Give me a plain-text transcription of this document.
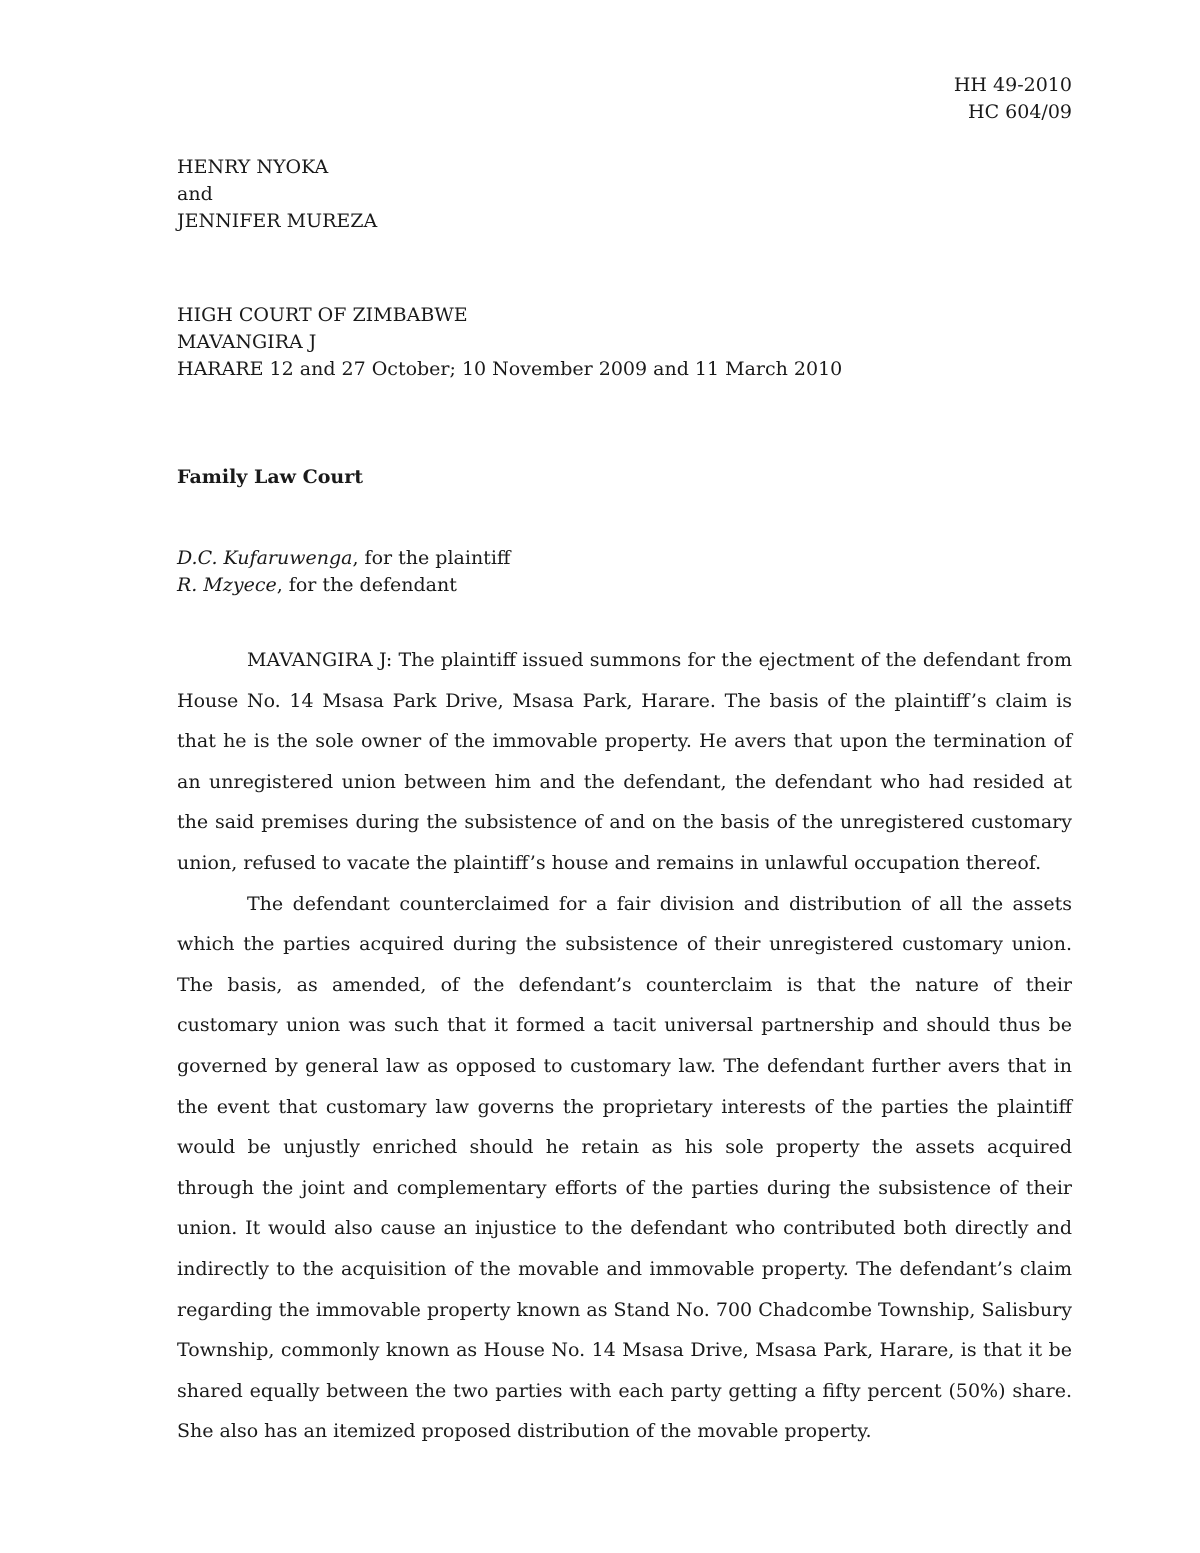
HH 49-2010
HC 604/09
HENRY NYOKA
and
JENNIFER MUREZA
HIGH COURT OF ZIMBABWE
MAVANGIRA J
HARARE 12 and 27 October; 10 November 2009 and 11 March 2010
Family Law Court
D.C. Kufaruwenga, for the plaintiff
R. Mzyece, for the defendant

MAVANGIRA J: The plaintiff issued summons for the ejectment of the defendant from House No. 14 Msasa Park Drive, Msasa Park, Harare. The basis of the plaintiff’s claim is that he is the sole owner of the immovable property. He avers that upon the termination of an unregistered union between him and the defendant, the defendant who had resided at the said premises during the subsistence of and on the basis of the unregistered customary union, refused to vacate the plaintiff’s house and remains in unlawful occupation thereof.

The defendant counterclaimed for a fair division and distribution of all the assets which the parties acquired during the subsistence of their unregistered customary union. The basis, as amended, of the defendant’s counterclaim is that the nature of their customary union was such that it formed a tacit universal partnership and should thus be governed by general law as opposed to customary law. The defendant further avers that in the event that customary law governs the proprietary interests of the parties the plaintiff would be unjustly enriched should he retain as his sole property the assets acquired through the joint and complementary efforts of the parties during the subsistence of their union. It would also cause an injustice to the defendant who contributed both directly and indirectly to the acquisition of the movable and immovable property. The defendant’s claim regarding the immovable property known as Stand No. 700 Chadcombe Township, Salisbury Township, commonly known as House No. 14 Msasa Drive, Msasa Park, Harare, is that it be shared equally between the two parties with each party getting a fifty percent (50%) share. She also has an itemized proposed distribution of the movable property.
